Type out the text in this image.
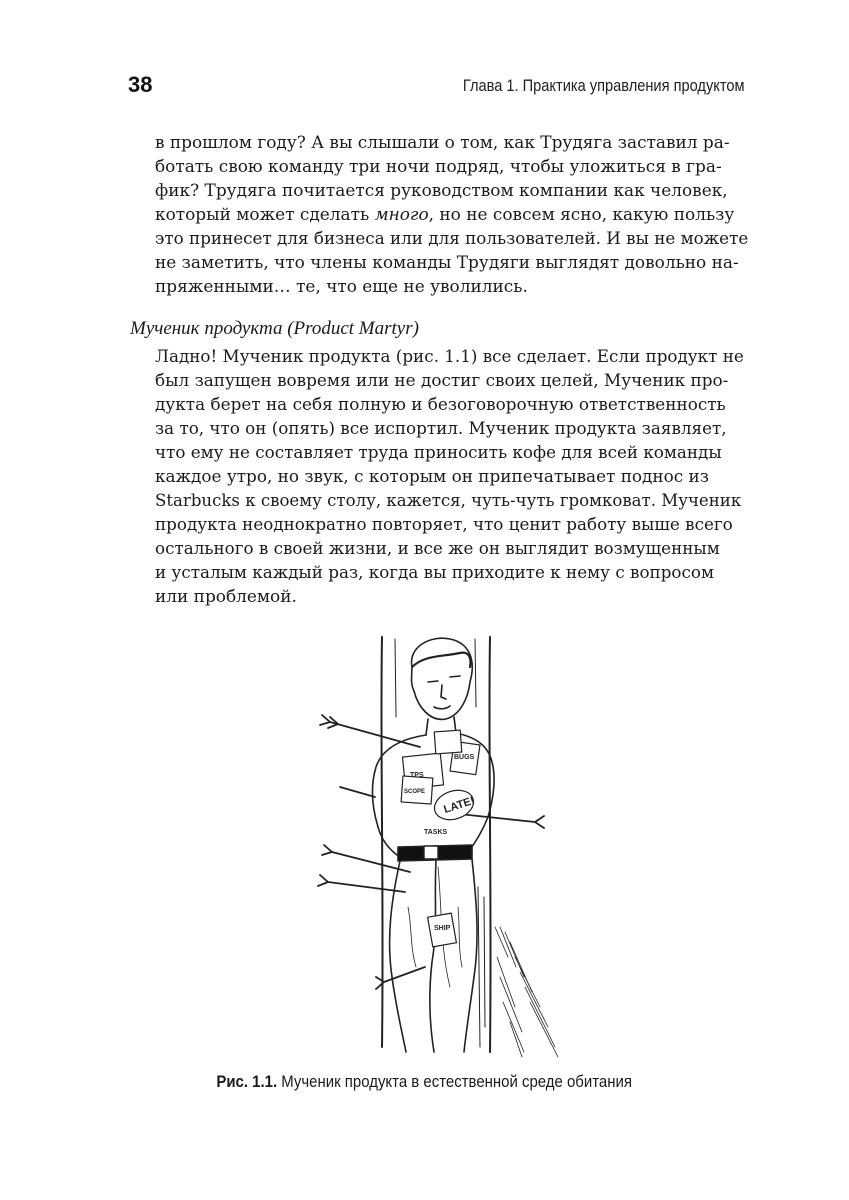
38	Глава 1. Практика управления продуктом
в прошлом году? А вы слышали о том, как Трудяга заставил ра-
ботать свою команду три ночи подряд, чтобы уложиться в гра-
фик? Трудяга почитается руководством компании как человек,
который может сделать много, но не совсем ясно, какую пользу
это принесет для бизнеса или для пользователей. И вы не можете
не заметить, что члены команды Трудяги выглядят довольно на-
пряженными… те, что еще не уволились.
Мученик продукта (Product Martyr)
Ладно! Мученик продукта (рис. 1.1) все сделает. Если продукт не
был запущен вовремя или не достиг своих целей, Мученик про-
дукта берет на себя полную и безоговорочную ответственность
за то, что он (опять) все испортил. Мученик продукта заявляет,
что ему не составляет труда приносить кофе для всей команды
каждое утро, но звук, с которым он припечатывает поднос из
Starbucks к своему столу, кажется, чуть-чуть громковат. Мученик
продукта неоднократно повторяет, что ценит работу выше всего
остального в своей жизни, и все же он выглядит возмущенным
и усталым каждый раз, когда вы приходите к нему с вопросом
или проблемой.
LATE!
TPS
SCOPE
BUGS
TASKS
SHIP
Рис. 1.1. Мученик продукта в естественной среде обитания
